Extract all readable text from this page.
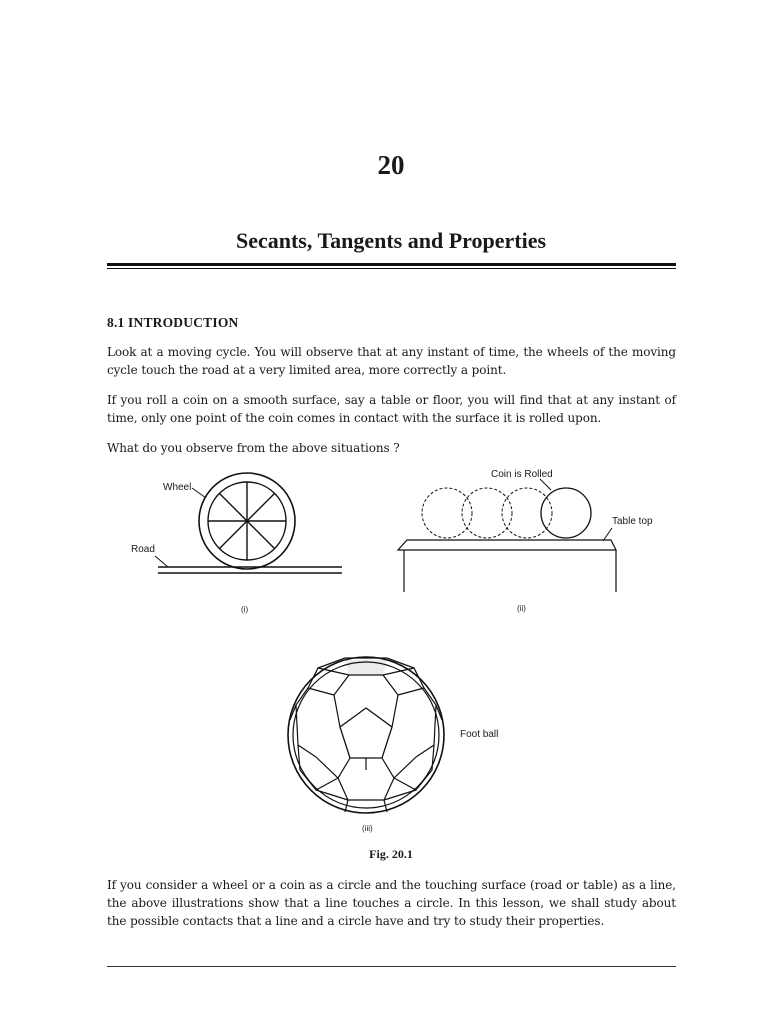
20
Secants, Tangents and Properties
8.1 INTRODUCTION
Look at a moving cycle. You will observe that at any instant of time, the wheels of the moving cycle touch the road at a very limited area, more correctly a point.
If you roll a coin on a smooth surface, say a table or floor, you will find that at any instant of time, only one point of the coin comes in contact with the surface it is rolled upon.
What do you observe from the above situations ?
Wheel
Road
(i)
Coin is Rolled
Table top
(ii)
Foot ball
(iii)
Fig. 20.1
If you consider a wheel or a coin as a circle and the touching surface (road or table) as a line, the above illustrations show that a line touches a circle. In this lesson, we shall study about the possible contacts that a line and a circle have and try to study their properties.
